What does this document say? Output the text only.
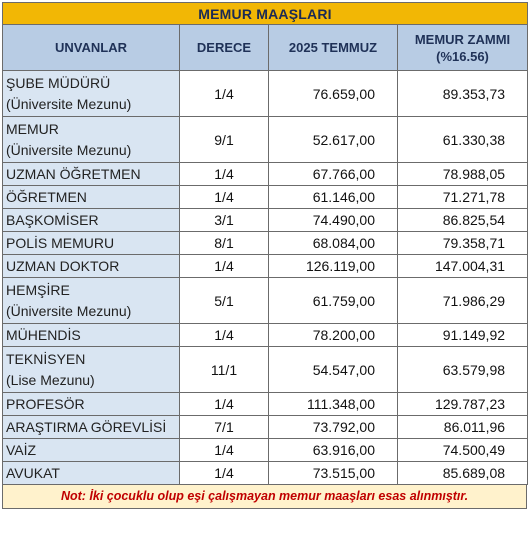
MEMUR MAAŞLARI			
UNVANLAR	DERECE	2025 TEMMUZ	MEMUR ZAMMI
(%16.56)
ŞUBE MÜDÜRÜ
(Üniversite Mezunu)	1/4	76.659,00	89.353,73
MEMUR
(Üniversite Mezunu)	9/1	52.617,00	61.330,38
UZMAN ÖĞRETMEN	1/4	67.766,00	78.988,05
ÖĞRETMEN	1/4	61.146,00	71.271,78
BAŞKOMİSER	3/1	74.490,00	86.825,54
POLİS MEMURU	8/1	68.084,00	79.358,71
UZMAN DOKTOR	1/4	126.119,00	147.004,31
HEMŞİRE
(Üniversite Mezunu)	5/1	61.759,00	71.986,29
MÜHENDİS	1/4	78.200,00	91.149,92
TEKNİSYEN
(Lise Mezunu)	11/1	54.547,00	63.579,98
PROFESÖR	1/4	111.348,00	129.787,23
ARAŞTIRMA GÖREVLİSİ	7/1	73.792,00	86.011,96
VAİZ	1/4	63.916,00	74.500,49
AVUKAT	1/4	73.515,00	85.689,08
Not: İki çocuklu olup eşi çalışmayan memur maaşları esas alınmıştır.
